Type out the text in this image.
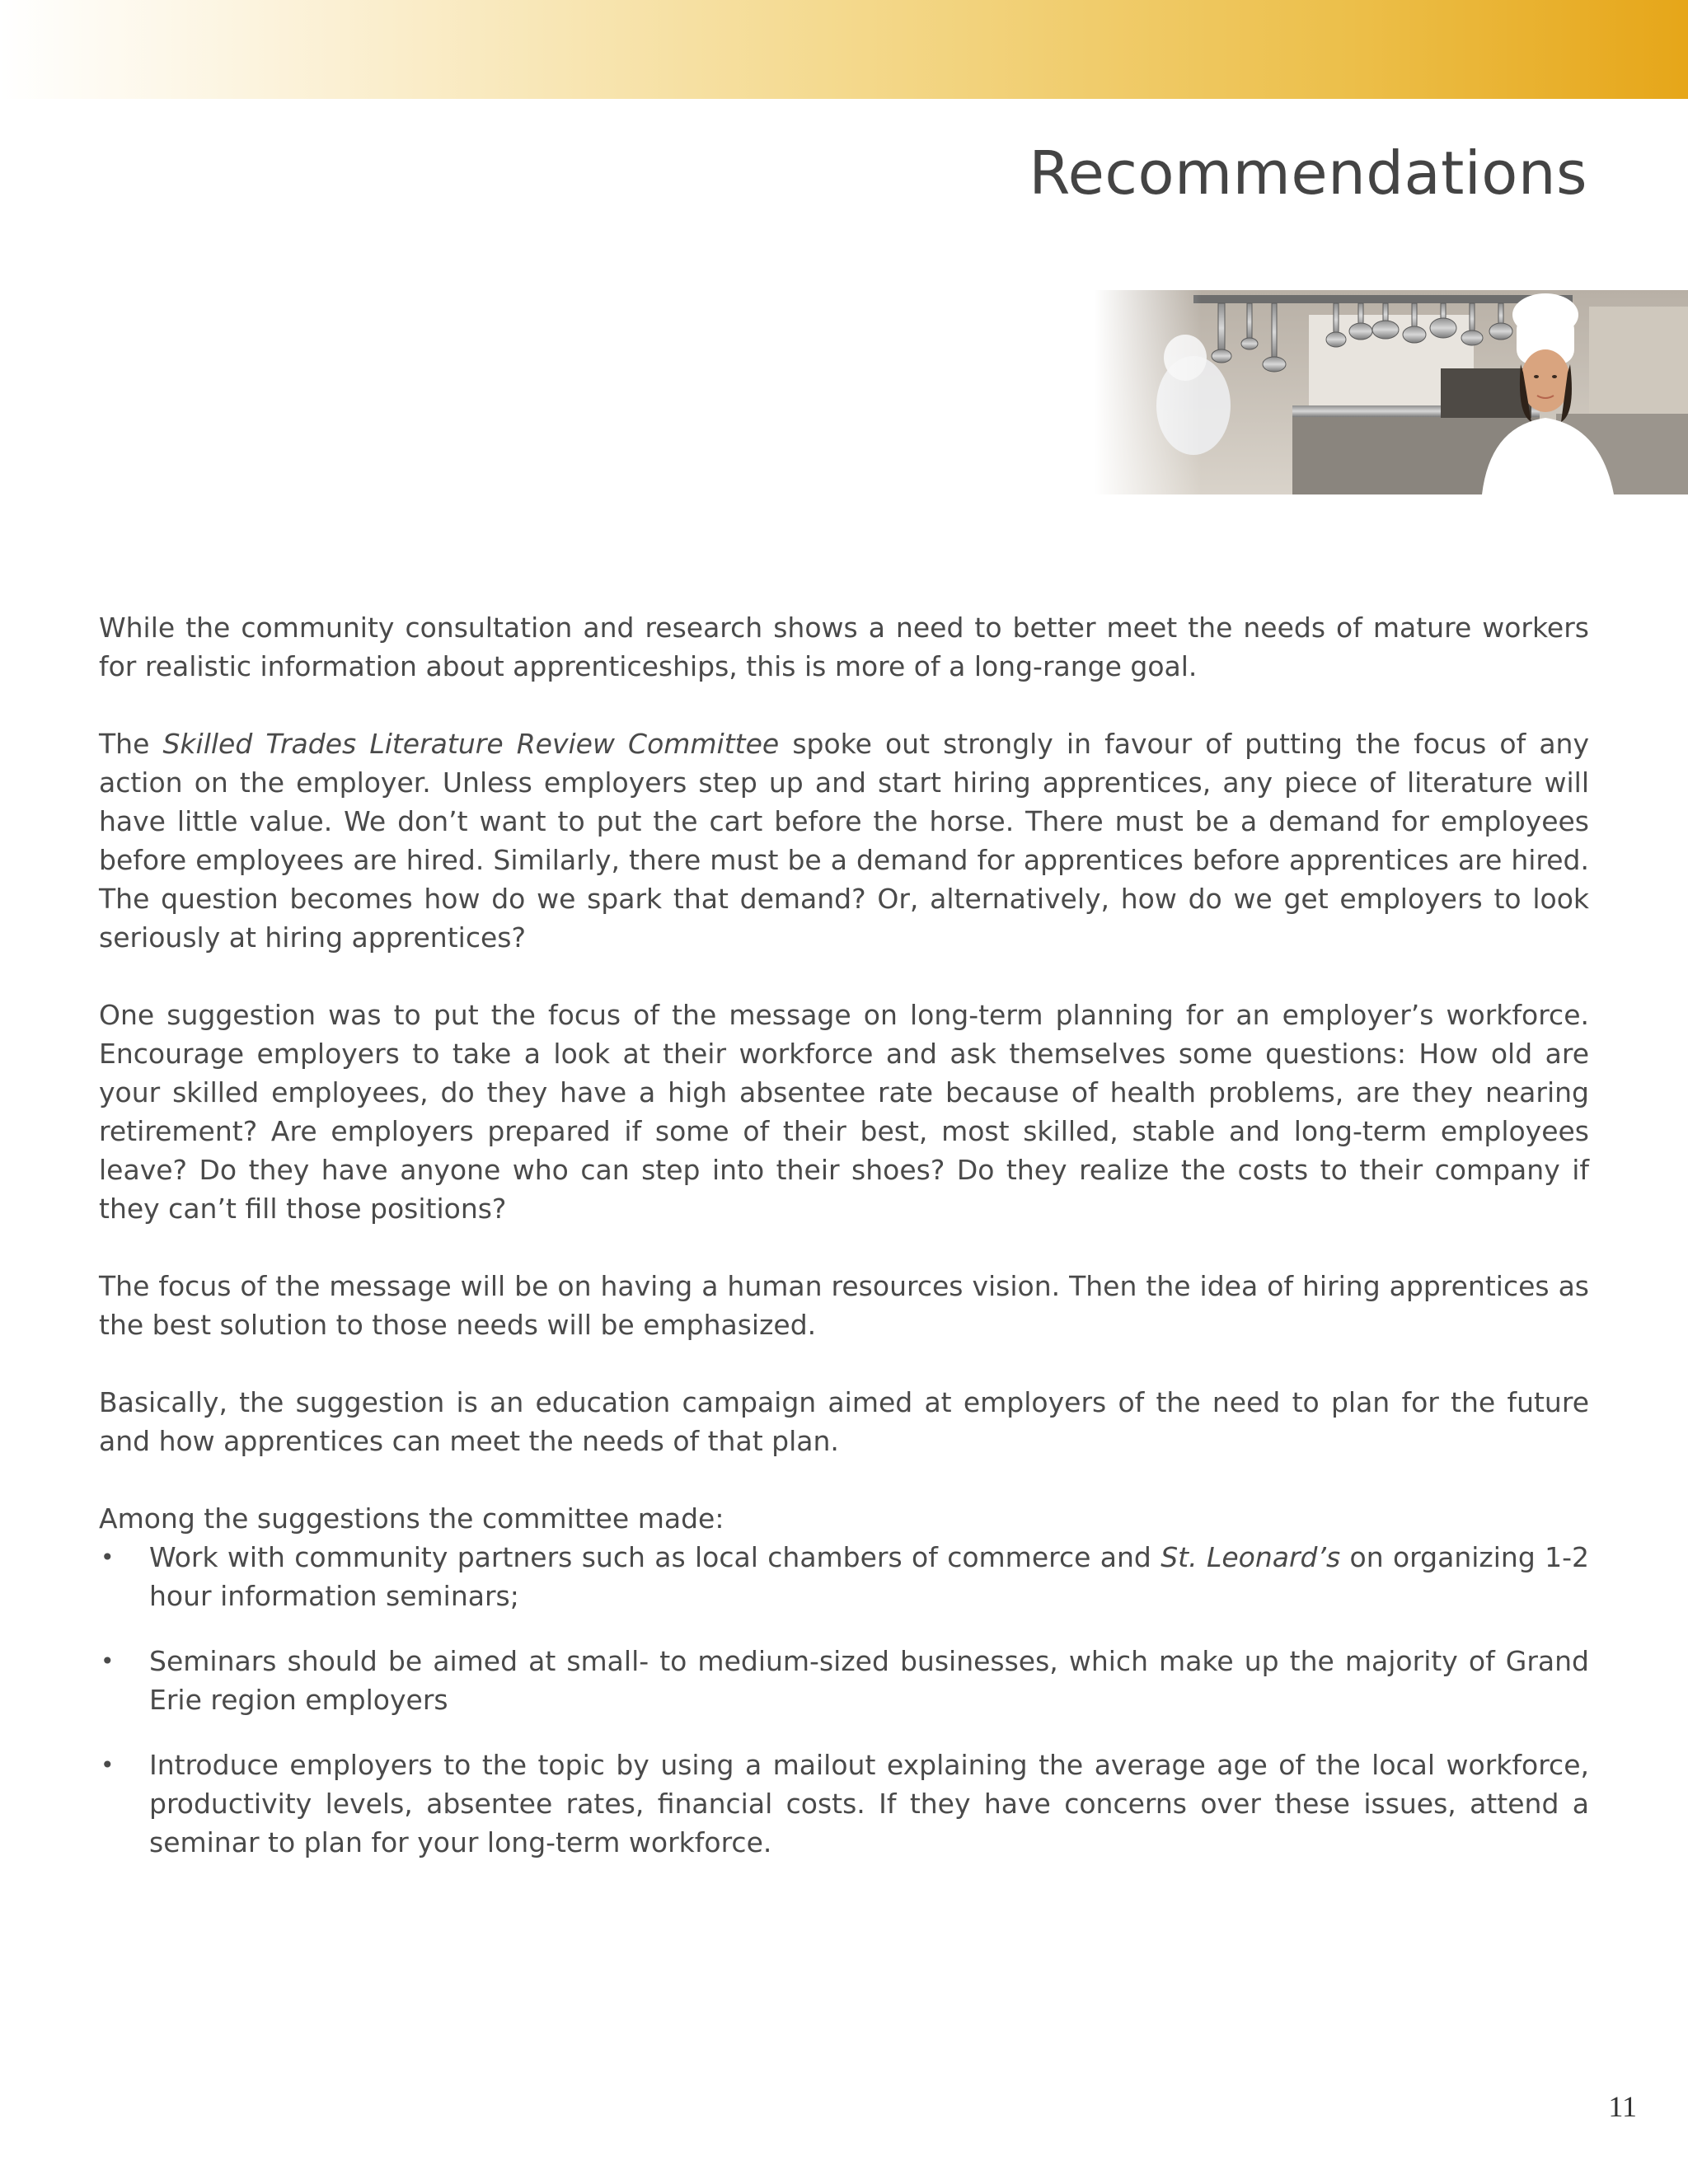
Recommendations

While the community consultation and research shows a need to better meet the needs of mature workers for realistic information about apprenticeships, this is more of a long-range goal.

The Skilled Trades Literature Review Committee spoke out strongly in favour of putting the focus of any action on the employer. Unless employers step up and start hiring apprentices, any piece of literature will have little value. We don’t want to put the cart before the horse. There must be a demand for employees before employees are hired. Similarly, there must be a demand for apprentices before apprentices are hired. The question becomes how do we spark that demand? Or, alternatively, how do we get employers to look seriously at hiring apprentices?

One suggestion was to put the focus of the message on long-term planning for an employer’s workforce. Encourage employers to take a look at their workforce and ask themselves some questions: How old are your skilled employees, do they have a high absentee rate because of health problems, are they nearing retirement? Are employers prepared if some of their best, most skilled, stable and long-term employees leave? Do they have anyone who can step into their shoes? Do they realize the costs to their company if they can’t fill those positions?

The focus of the message will be on having a human resources vision. Then the idea of hiring apprentices as the best solution to those needs will be emphasized.

Basically, the suggestion is an education campaign aimed at employers of the need to plan for the future and how apprentices can meet the needs of that plan.

Among the suggestions the committee made:

• Work with community partners such as local chambers of commerce and St. Leonard’s on organizing 1-2 hour information seminars;
• Seminars should be aimed at small- to medium-sized businesses, which make up the majority of Grand Erie region employers
• Introduce employers to the topic by using a mailout explaining the average age of the local workforce, productivity levels, absentee rates, financial costs. If they have concerns over these issues, attend a seminar to plan for your long-term workforce.
11
